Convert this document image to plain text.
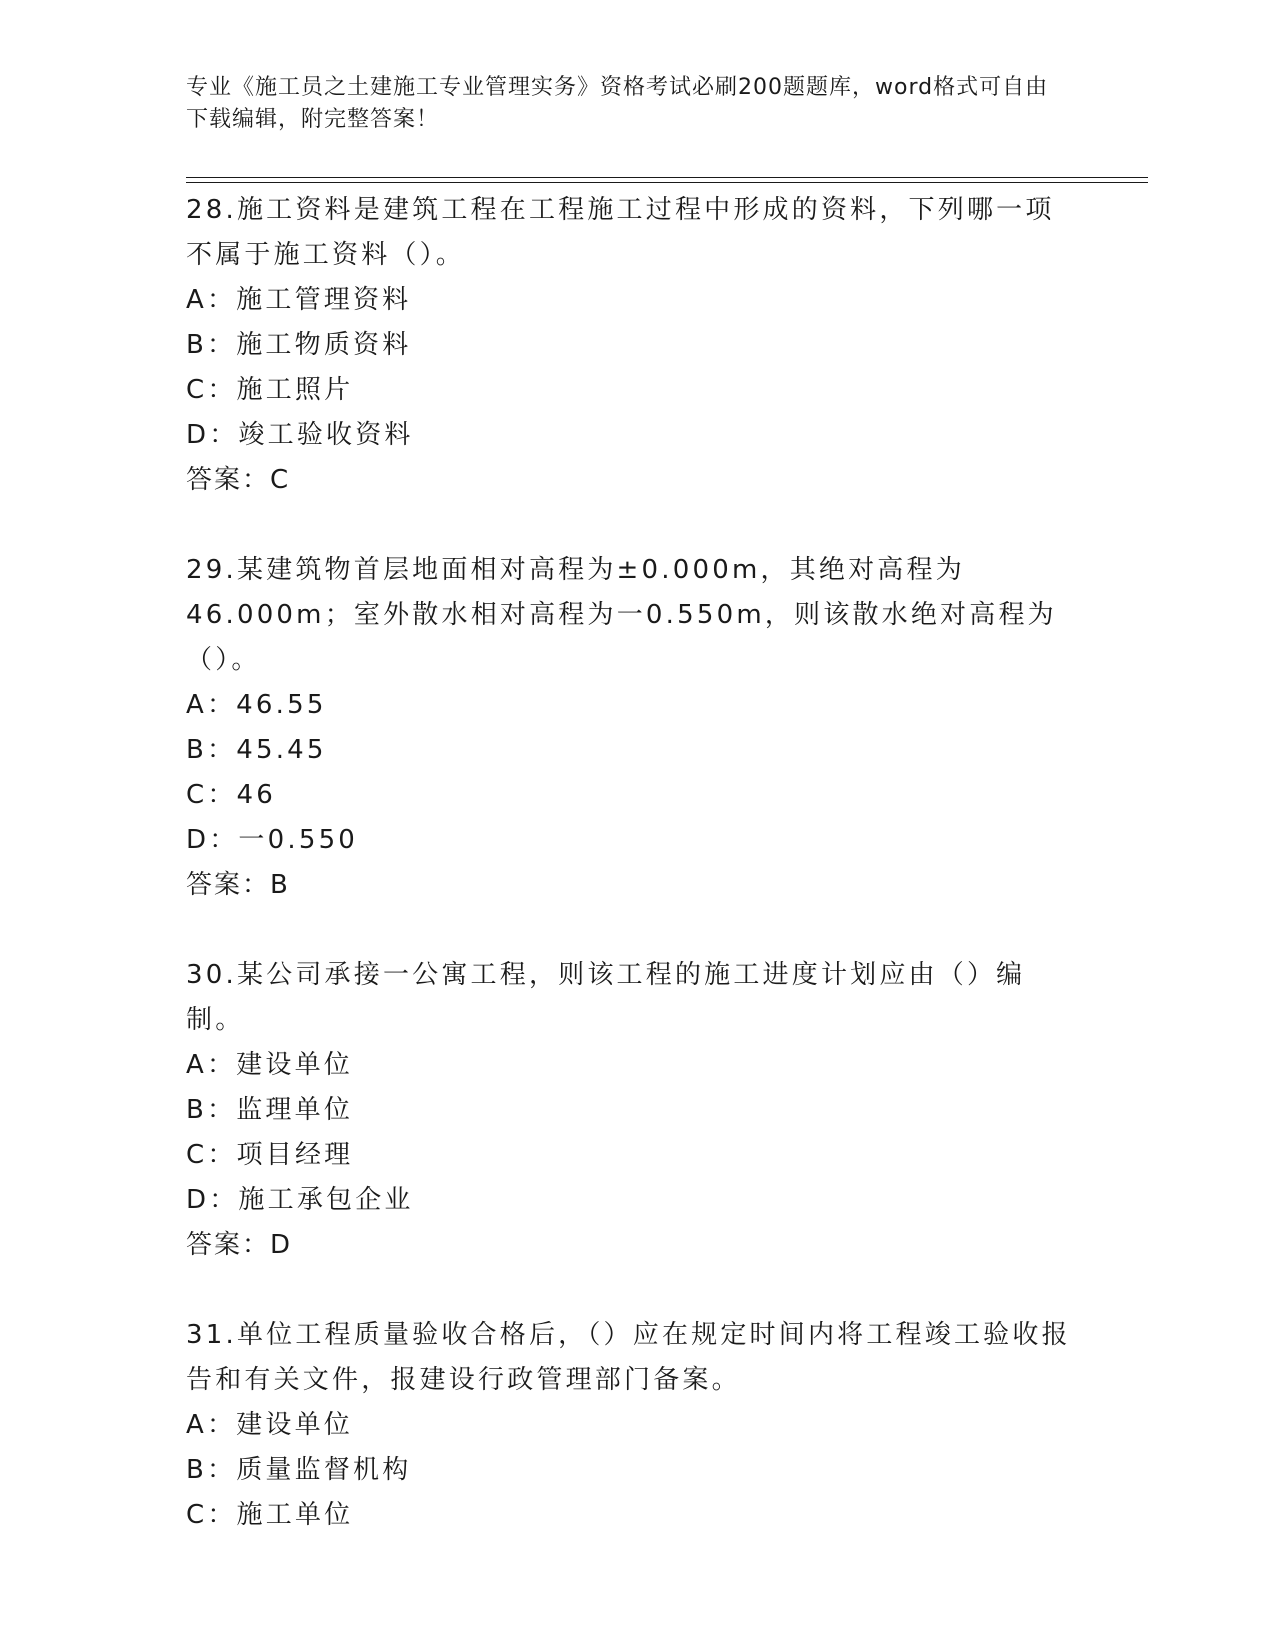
专业《施工员之土建施工专业管理实务》资格考试必刷200题题库，word格式可自由下载编辑，附完整答案！

28.施工资料是建筑工程在工程施工过程中形成的资料，下列哪一项不属于施工资料（）。

A：施工管理资料

B：施工物质资料

C：施工照片

D：竣工验收资料

答案：C

29.某建筑物首层地面相对高程为±0.000m，其绝对高程为46.000m；室外散水相对高程为一0.550m，则该散水绝对高程为（）。

A：46.55

B：45.45

C：46

D：一0.550

答案：B

30.某公司承接一公寓工程，则该工程的施工进度计划应由（）编制。

A：建设单位

B：监理单位

C：项目经理

D：施工承包企业

答案：D

31.单位工程质量验收合格后，（）应在规定时间内将工程竣工验收报告和有关文件，报建设行政管理部门备案。

A：建设单位

B：质量监督机构

C：施工单位
